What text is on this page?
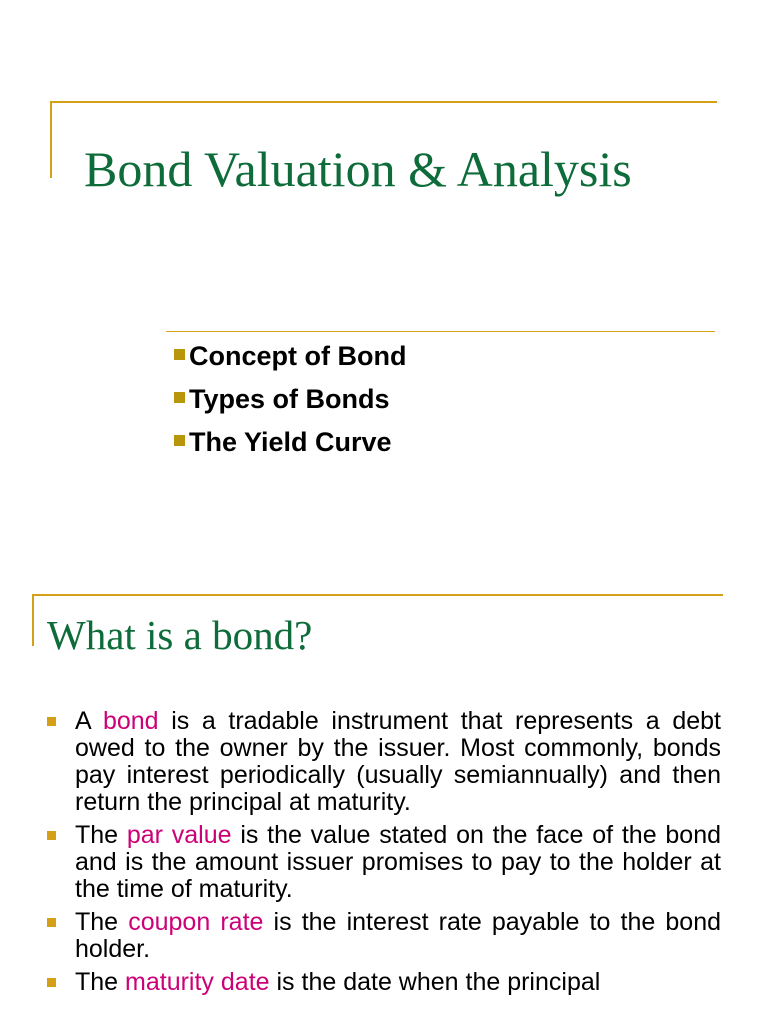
Bond Valuation & Analysis
Concept of Bond
Types of Bonds
The Yield Curve
What is a bond?
A bond is a tradable instrument that represents a debt owed to the owner by the issuer. Most commonly, bonds pay interest periodically (usually semiannually) and then return the principal at maturity.
The par value is the value stated on the face of the bond and is the amount issuer promises to pay to the holder at the time of maturity.
The coupon rate is the interest rate payable to the bond holder.
The maturity date is the date when the principal
